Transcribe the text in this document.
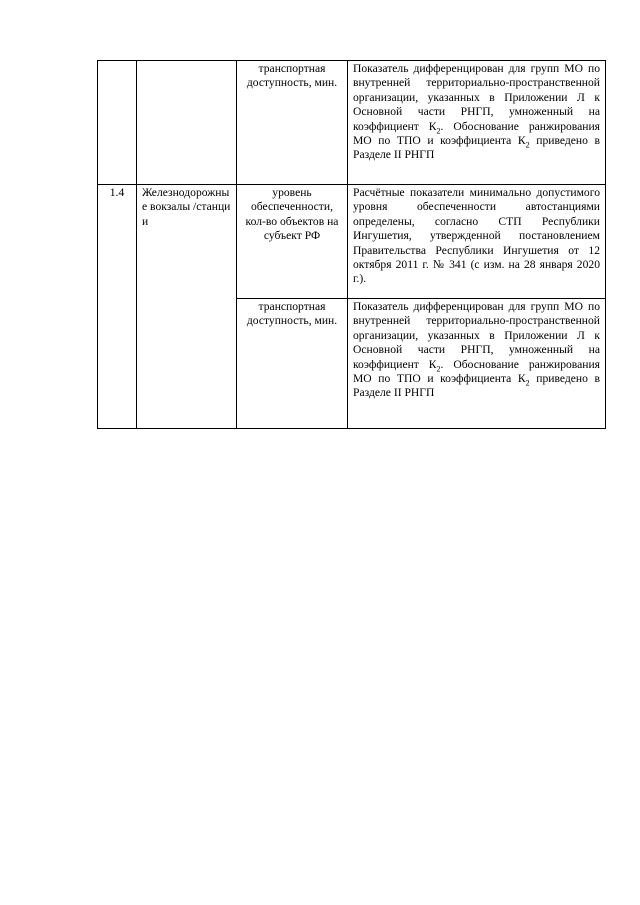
		транспортная доступность, мин.	Показатель дифференцирован для групп МО по внутренней территориально-пространственной организации, указанных в Приложении Л к Основной части РНГП, умноженный на коэффициент $К_2$. Обоснование ранжирования МО по ТПО и коэффициента $К_2$ приведено в Разделе II РНГП
1.4	Железнодорожные вокзалы /станции	уровень обеспеченности, кол-во объектов на субъект РФ	Расчётные показатели минимально допустимого уровня обеспеченности автостанциями определены, согласно СТП Республики Ингушетия, утвержденной постановлением Правительства Республики Ингушетия от 12 октября 2011 г. № 341 (с изм. на 28 января 2020 г.).

		транспортная доступность, мин.	Показатель дифференцирован для групп МО по внутренней территориально-пространственной организации, указанных в Приложении Л к Основной части РНГП, умноженный на коэффициент $К_2$. Обоснование ранжирования МО по ТПО и коэффициента $К_2$ приведено в Разделе II РНГП
